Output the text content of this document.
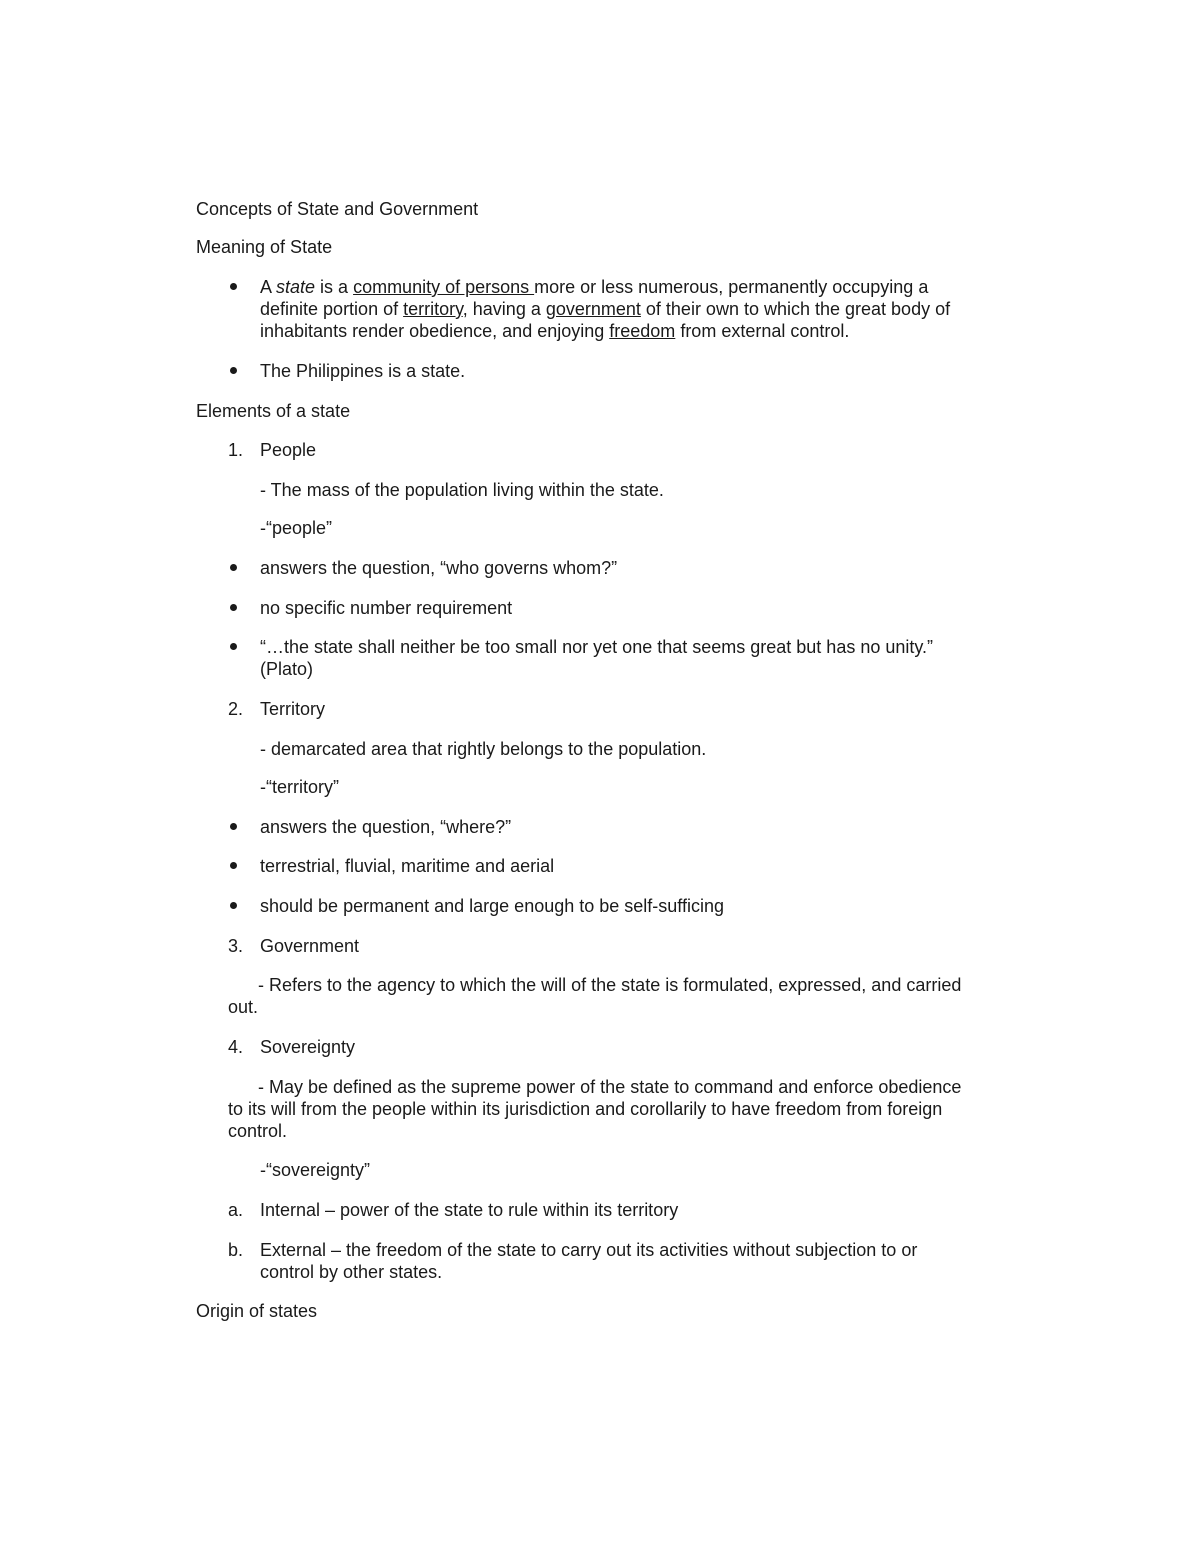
Concepts of State and Government
Meaning of State
A state is a community of persons more or less numerous, permanently occupying a
definite portion of territory, having a government of their own to which the great body of
inhabitants render obedience, and enjoying freedom from external control.
The Philippines is a state.
Elements of a state
1. People
- The mass of the population living within the state.
-“people”
answers the question, “who governs whom?”
no specific number requirement
“…the state shall neither be too small nor yet one that seems great but has no unity.”
(Plato)
2. Territory
- demarcated area that rightly belongs to the population.
-“territory”
answers the question, “where?”
terrestrial, fluvial, maritime and aerial
should be permanent and large enough to be self-sufficing
3. Government
- Refers to the agency to which the will of the state is formulated, expressed, and carried
out.
4. Sovereignty
- May be defined as the supreme power of the state to command and enforce obedience
to its will from the people within its jurisdiction and corollarily to have freedom from foreign
control.
-“sovereignty”
a. Internal – power of the state to rule within its territory
b. External – the freedom of the state to carry out its activities without subjection to or
control by other states.
Origin of states
